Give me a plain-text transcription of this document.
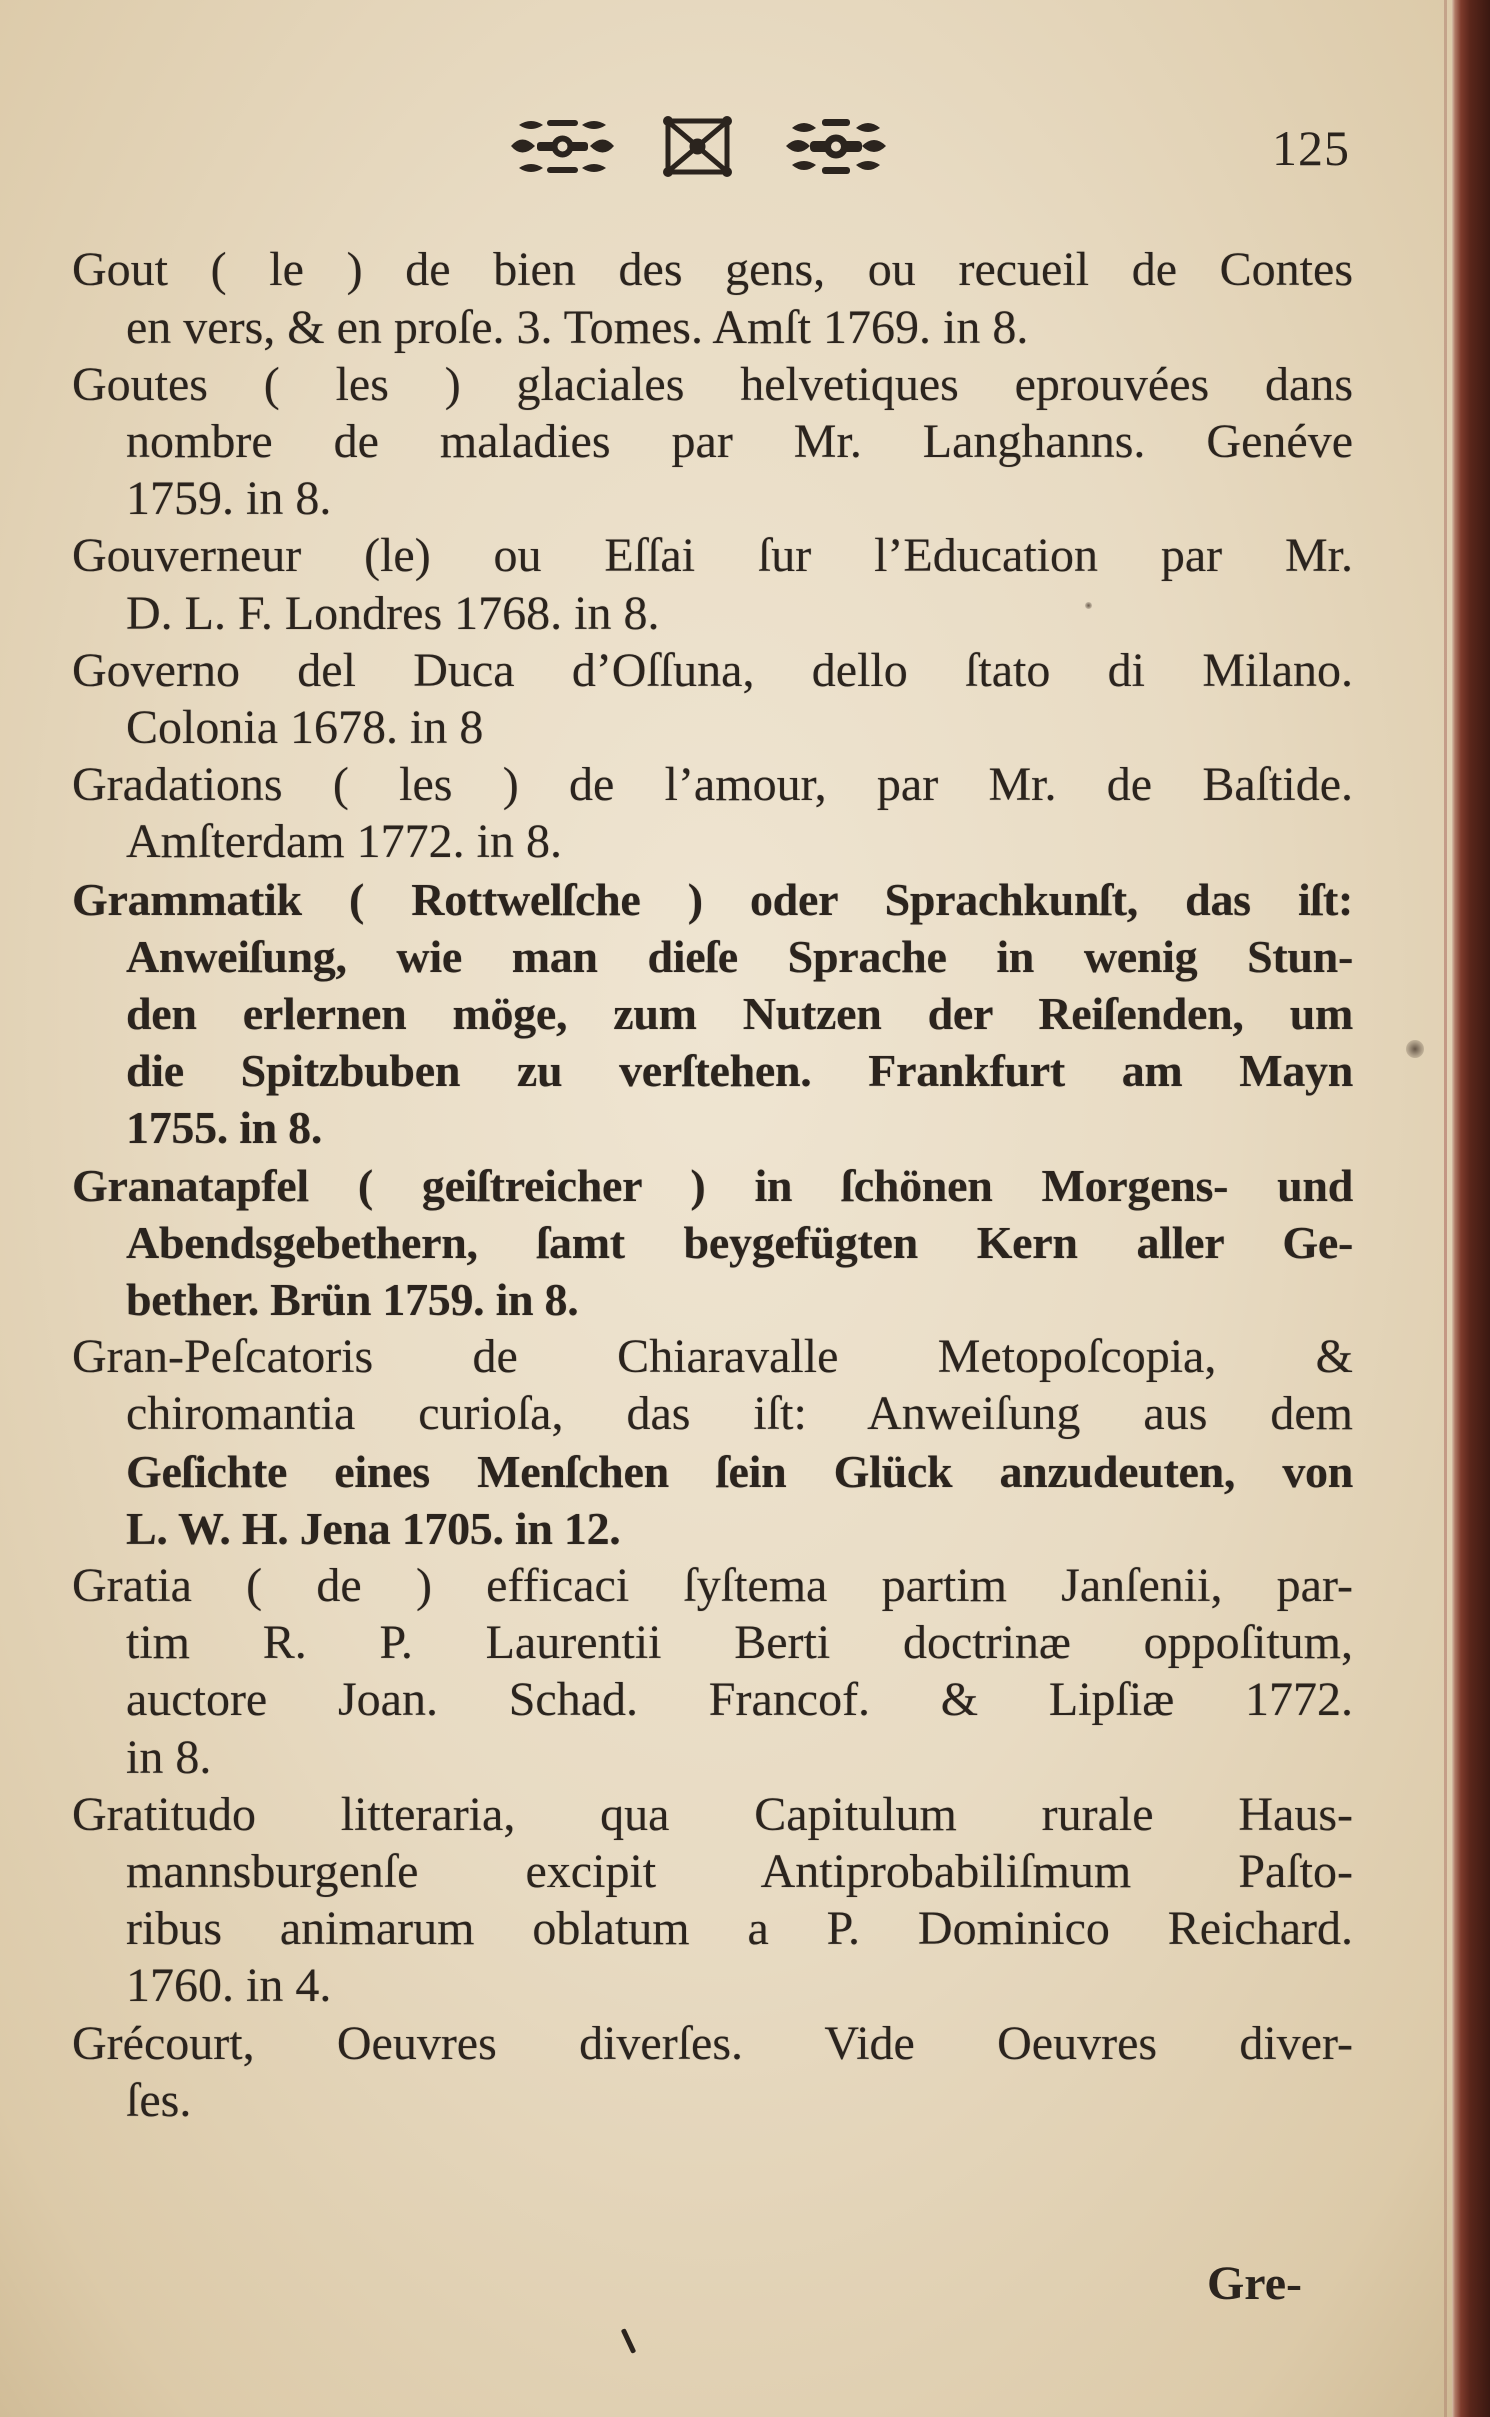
125
Gout ( le ) de bien des gens, ou recueil de Contes
en vers, & en proſe. 3. Tomes. Amſt 1769. in 8.
Goutes ( les ) glaciales helvetiques eprouvées dans
nombre de maladies par Mr. Langhanns. Genéve
1759. in 8.
Gouverneur (le) ou Eſſai ſur l’Education par Mr.
D. L. F. Londres 1768. in 8.
Governo del Duca d’Oſſuna, dello ſtato di Milano.
Colonia 1678. in 8
Gradations ( les ) de l’amour, par Mr. de Baſtide.
Amſterdam 1772. in 8.
Grammatik ( Rottwelſche ) oder Sprachkunſt, das iſt:
Anweiſung, wie man dieſe Sprache in wenig Stun-
den erlernen möge, zum Nutzen der Reiſenden, um
die Spitzbuben zu verſtehen. Frankfurt am Mayn
1755. in 8.
Granatapfel ( geiſtreicher ) in ſchönen Morgens- und
Abendsgebethern, ſamt beygefügten Kern aller Ge-
bether. Brün 1759. in 8.
Gran-Peſcatoris de Chiaravalle Metopoſcopia, &
chiromantia curioſa, das iſt: Anweiſung aus dem
Geſichte eines Menſchen ſein Glück anzudeuten, von
L. W. H. Jena 1705. in 12.
Gratia ( de ) efficaci ſyſtema partim Janſenii, par-
tim R. P. Laurentii Berti doctrinæ oppoſitum,
auctore Joan. Schad. Francof. & Lipſiæ 1772.
in 8.
Gratitudo litteraria, qua Capitulum rurale Haus-
mannsburgenſe excipit Antiprobabiliſmum Paſto-
ribus animarum oblatum a P. Dominico Reichard.
1760. in 4.
Grécourt, Oeuvres diverſes. Vide Oeuvres diver-
ſes.
Gre-
